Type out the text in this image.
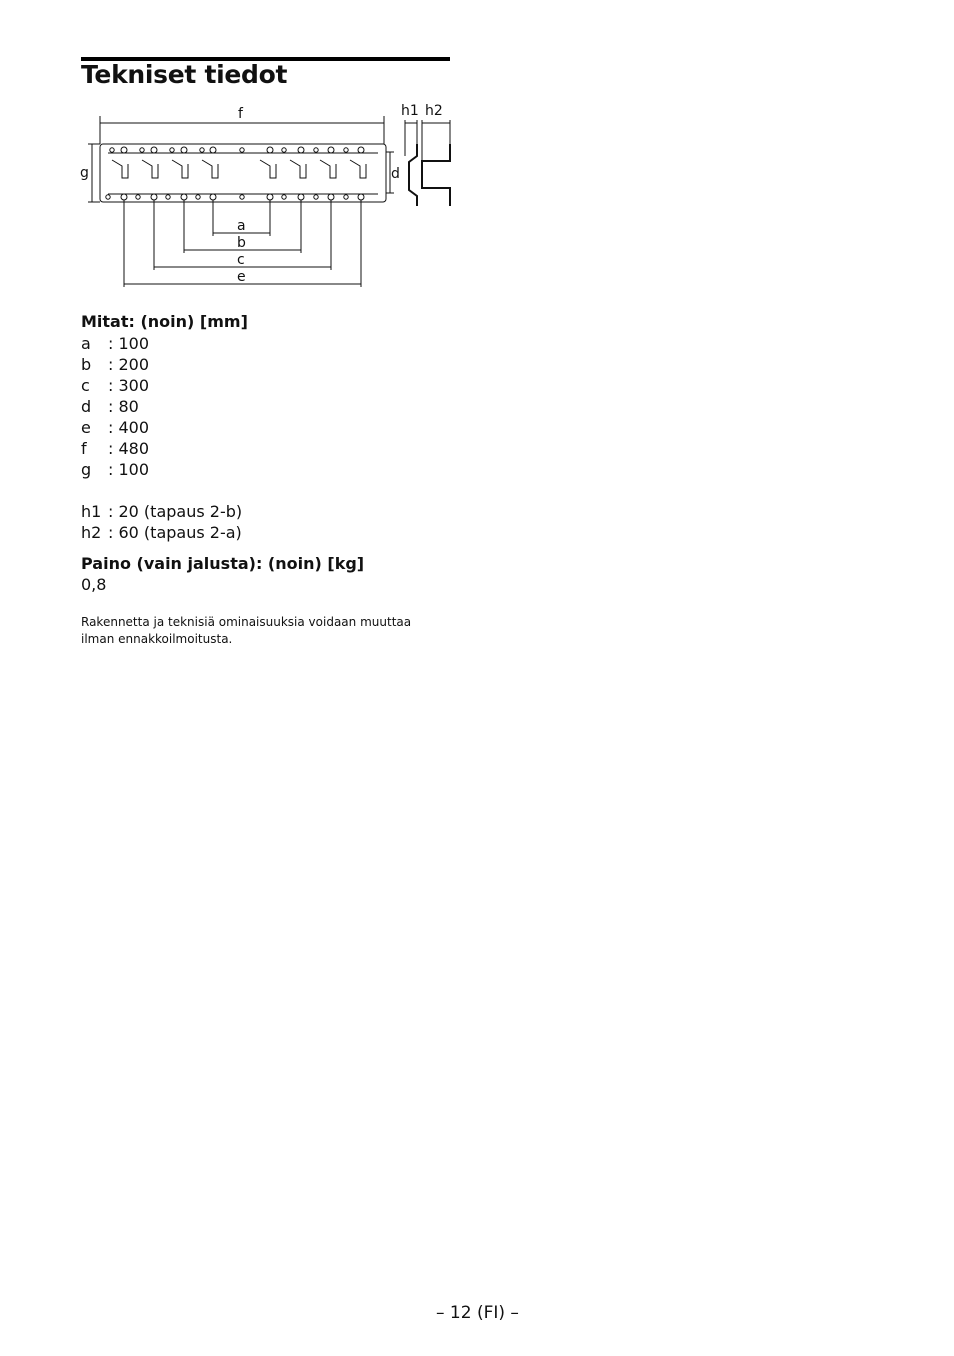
Tekniset tiedot
f
g	d
h1 h2
a
b
c
e
Mitat: (noin) [mm]
a	: 100
b	: 200
c	: 300
d	: 80
e	: 400
f	: 480
g	: 100
h1 : 20 (tapaus 2-b)
h2 : 60 (tapaus 2-a)
Paino (vain jalusta): (noin) [kg]
0,8
Rakennetta ja teknisiä ominaisuuksia voidaan muuttaa ilman ennakkoilmoitusta.
– 12 (FI) –
